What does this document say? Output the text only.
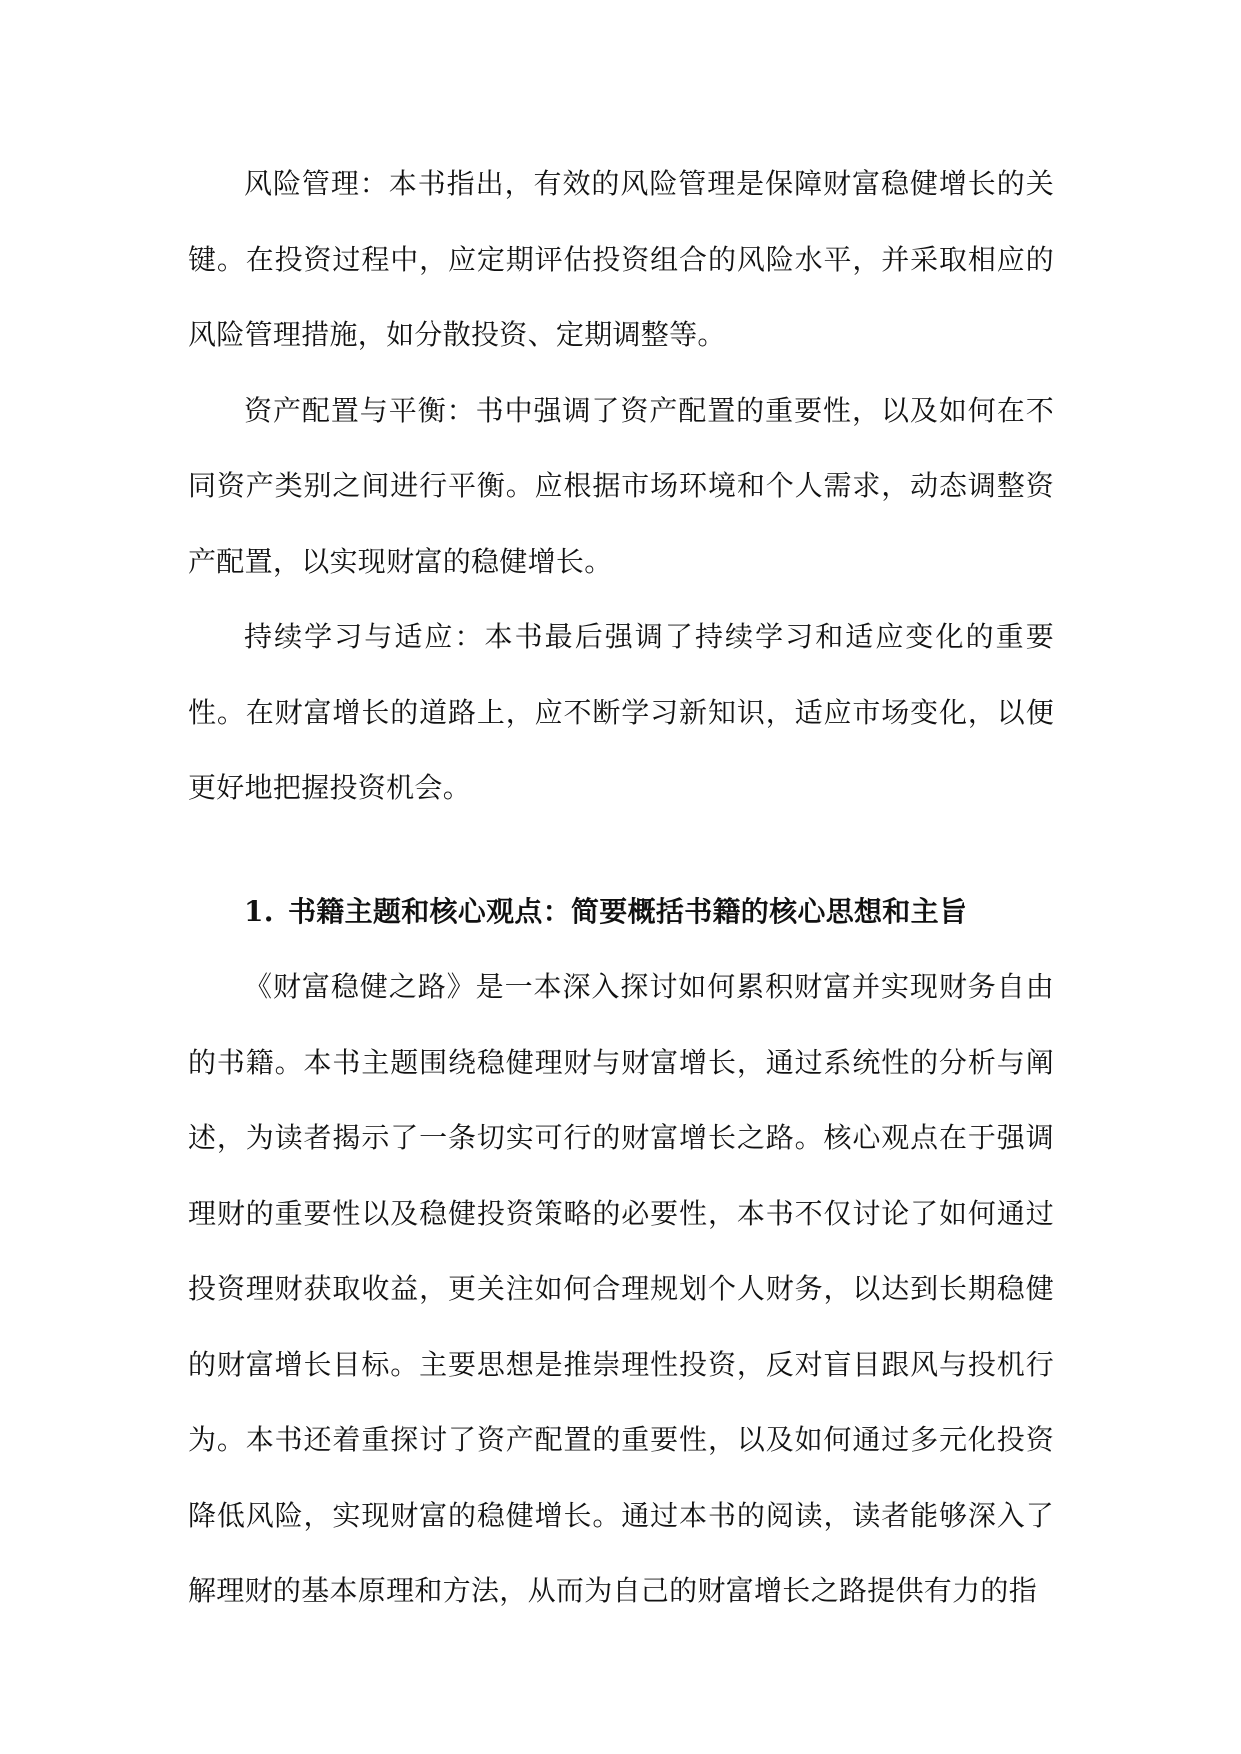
风险管理：本书指出，有效的风险管理是保障财富稳健增长的关键。在投资过程中，应定期评估投资组合的风险水平，并采取相应的风险管理措施，如分散投资、定期调整等。

资产配置与平衡：书中强调了资产配置的重要性，以及如何在不同资产类别之间进行平衡。应根据市场环境和个人需求，动态调整资产配置，以实现财富的稳健增长。

持续学习与适应：本书最后强调了持续学习和适应变化的重要性。在财富增长的道路上，应不断学习新知识，适应市场变化，以便更好地把握投资机会。

1. 书籍主题和核心观点：简要概括书籍的核心思想和主旨

《财富稳健之路》是一本深入探讨如何累积财富并实现财务自由的书籍。本书主题围绕稳健理财与财富增长，通过系统性的分析与阐述，为读者揭示了一条切实可行的财富增长之路。核心观点在于强调理财的重要性以及稳健投资策略的必要性，本书不仅讨论了如何通过投资理财获取收益，更关注如何合理规划个人财务，以达到长期稳健的财富增长目标。主要思想是推崇理性投资，反对盲目跟风与投机行为。本书还着重探讨了资产配置的重要性，以及如何通过多元化投资降低风险，实现财富的稳健增长。通过本书的阅读，读者能够深入了解理财的基本原理和方法，从而为自己的财富增长之路提供有力的指
